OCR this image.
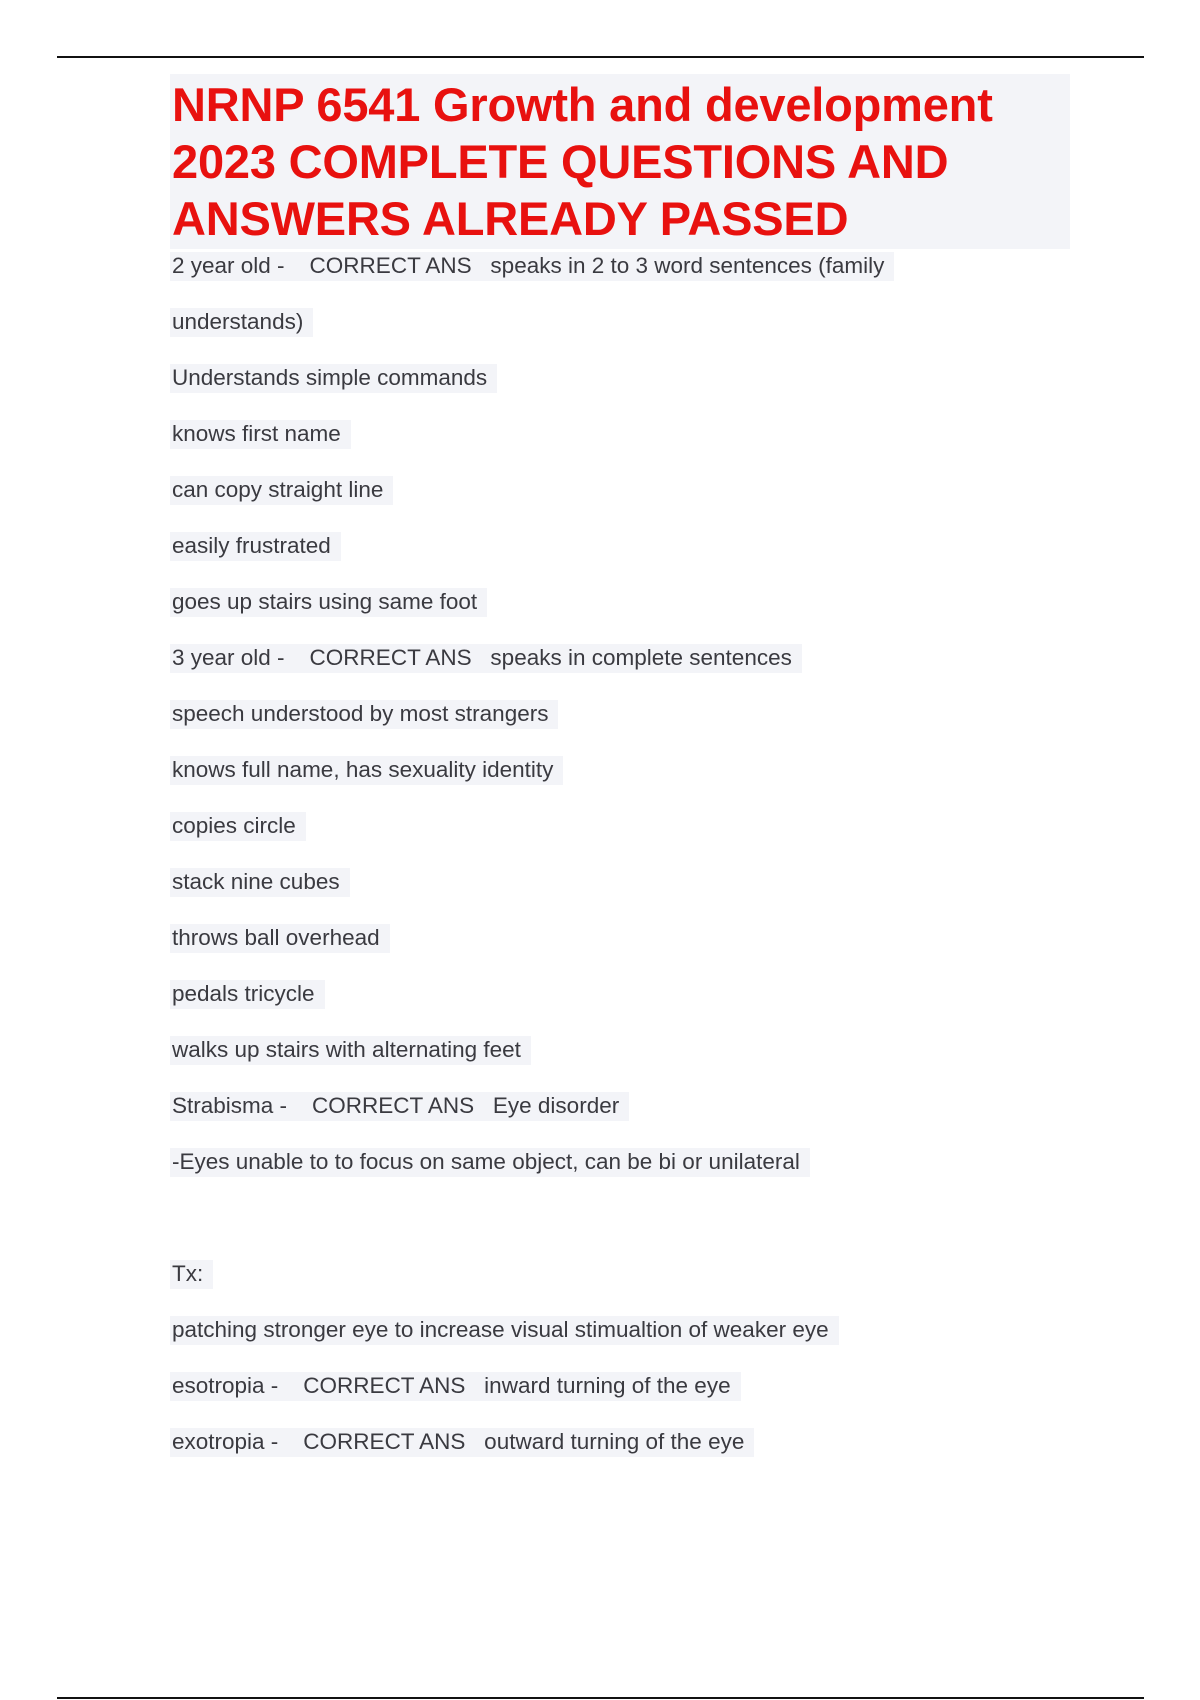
NRNP 6541 Growth and development
2023 COMPLETE QUESTIONS AND
ANSWERS ALREADY PASSED
2 year old -    CORRECT ANS   speaks in 2 to 3 word sentences (family
understands)
Understands simple commands
knows first name
can copy straight line
easily frustrated
goes up stairs using same foot
3 year old -    CORRECT ANS   speaks in complete sentences
speech understood by most strangers
knows full name, has sexuality identity
copies circle
stack nine cubes
throws ball overhead
pedals tricycle
walks up stairs with alternating feet
Strabisma -    CORRECT ANS   Eye disorder
-Eyes unable to to focus on same object, can be bi or unilateral
Tx:
patching stronger eye to increase visual stimualtion of weaker eye
esotropia -    CORRECT ANS   inward turning of the eye
exotropia -    CORRECT ANS   outward turning of the eye
